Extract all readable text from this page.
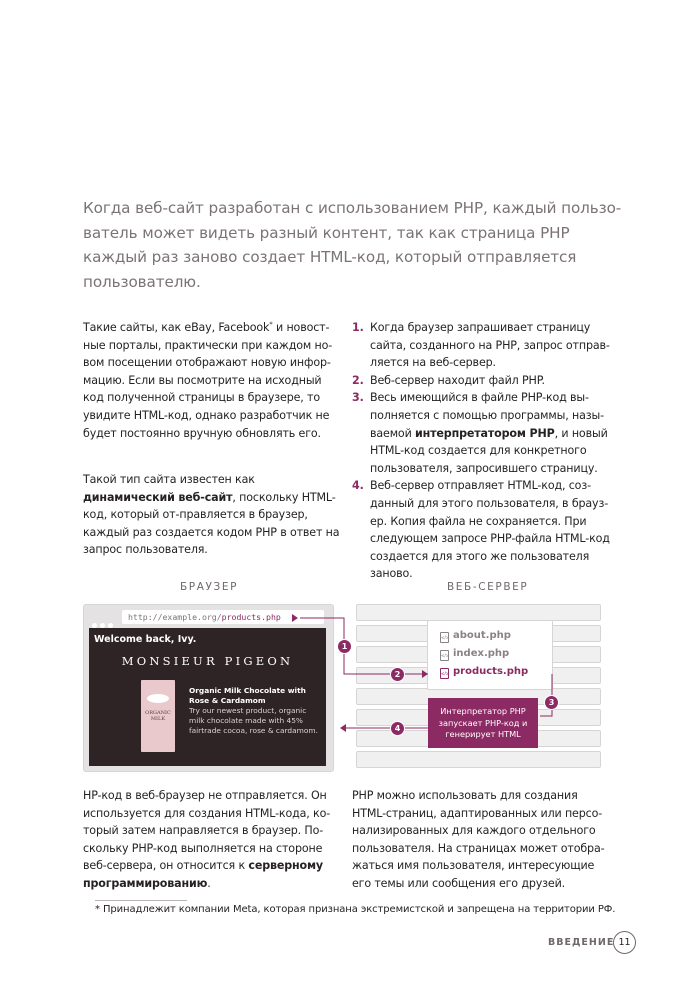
Когда веб-сайт разработан с использованием PHP, каждый пользо-ватель может видеть разный контент, так как страница PHP каждый раз заново создает HTML-код, который отправляется пользователю.
Такие сайты, как eBay, Facebook* и новост-ные порталы, практически при каждом но-вом посещении отображают новую инфор-мацию. Если вы посмотрите на исходный код полученной страницы в браузере, то увидите HTML-код, однако разработчик не будет постоянно вручную обновлять его.
Такой тип сайта известен как динамический веб-сайт, поскольку HTML-код, который от-правляется в браузер, каждый раз создается кодом PHP в ответ на запрос пользователя.
1. Когда браузер запрашивает страницу сайта, созданного на PHP, запрос отправ-ляется на веб-сервер.
2. Веб-сервер находит файл PHP.
3. Весь имеющийся в файле PHP-код вы-полняется с помощью программы, назы-ваемой интерпретатором PHP, и новый HTML-код создается для конкретного пользователя, запросившего страницу.
4. Веб-сервер отправляет HTML-код, соз-данный для этого пользователя, в брауз-ер. Копия файла не сохраняется. При следующем запросе PHP-файла HTML-код создается для этого же пользователя заново.
БРАУЗЕР	ВЕБ-СЕРВЕР
</> about.php
</> index.php
</> products.php
Интерпретатор PHP запускает PHP-код и генерирует HTML
http://example.org/products.php
Welcome back, Ivy.
MONSIEUR PIGEON
ORGANIC MILK
Organic Milk Chocolate with Rose & Cardamom
Try our newest product, organic milk chocolate made with 45% fairtrade cocoa, rose & cardamom.
1
2
3
4
HP-код в веб-браузер не отправляется. Он используется для создания HTML-кода, ко-торый затем направляется в браузер. По-скольку PHP-код выполняется на стороне веб-сервера, он относится к серверному программированию.
PHP можно использовать для создания HTML-страниц, адаптированных или персо-нализированных для каждого отдельного пользователя. На страницах может отобра-жаться имя пользователя, интересующие его темы или сообщения его друзей.
* Принадлежит компании Meta, которая признана экстремистской и запрещена на территории РФ.
ВВЕДЕНИЕ 11
